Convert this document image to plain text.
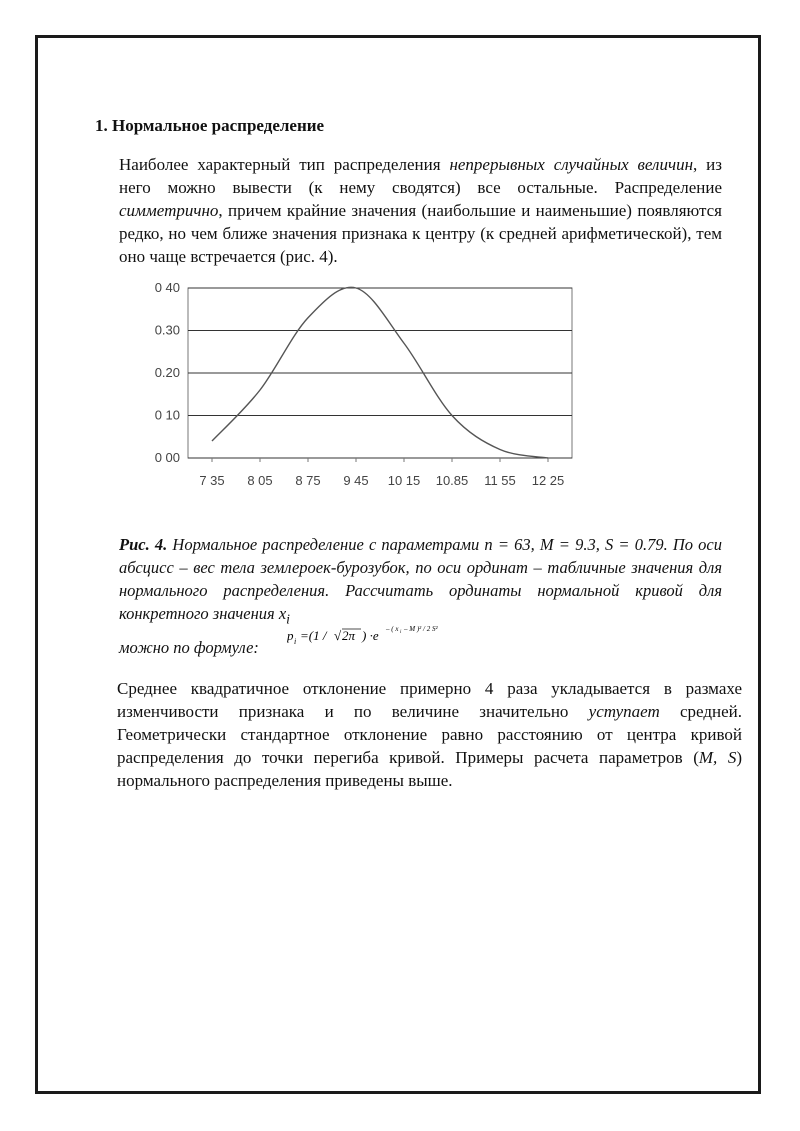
1. Нормальное распределение
Наиболее характерный тип распределения непрерывных случайных величин, из него можно вывести (к нему сводятся) все остальные. Распределение симметрично, причем крайние значения (наибольшие и наименьшие) появляются редко, но чем ближе значения признака к центру (к средней арифметической), тем оно чаще встречается (рис. 4).
0 00
0 10
0.20
0.30
0 40
7 35 8 05 8 75 9 45 10 15 10.85 11 55 12 25
Рис. 4. Нормальное распределение с параметрами n = 63, M = 9.3, S = 0.79. По оси абсцисс – вес тела землероек-бурозубок, по оси ординат – табличные значения для нормального распределения. Рассчитать ординаты нормальной кривой для конкретного значения $x_i$
можно по формуле:
p i =(1 / √ 2π ) ·e – ( x i – M )² / 2 S²
Среднее квадратичное отклонение примерно 4 раза укладывается в размахе изменчивости признака и по величине значительно уступает средней. Геометрически стандартное отклонение равно расстоянию от центра кривой распределения до точки перегиба кривой. Примеры расчета параметров (M, S) нормального распределения приведены выше.
